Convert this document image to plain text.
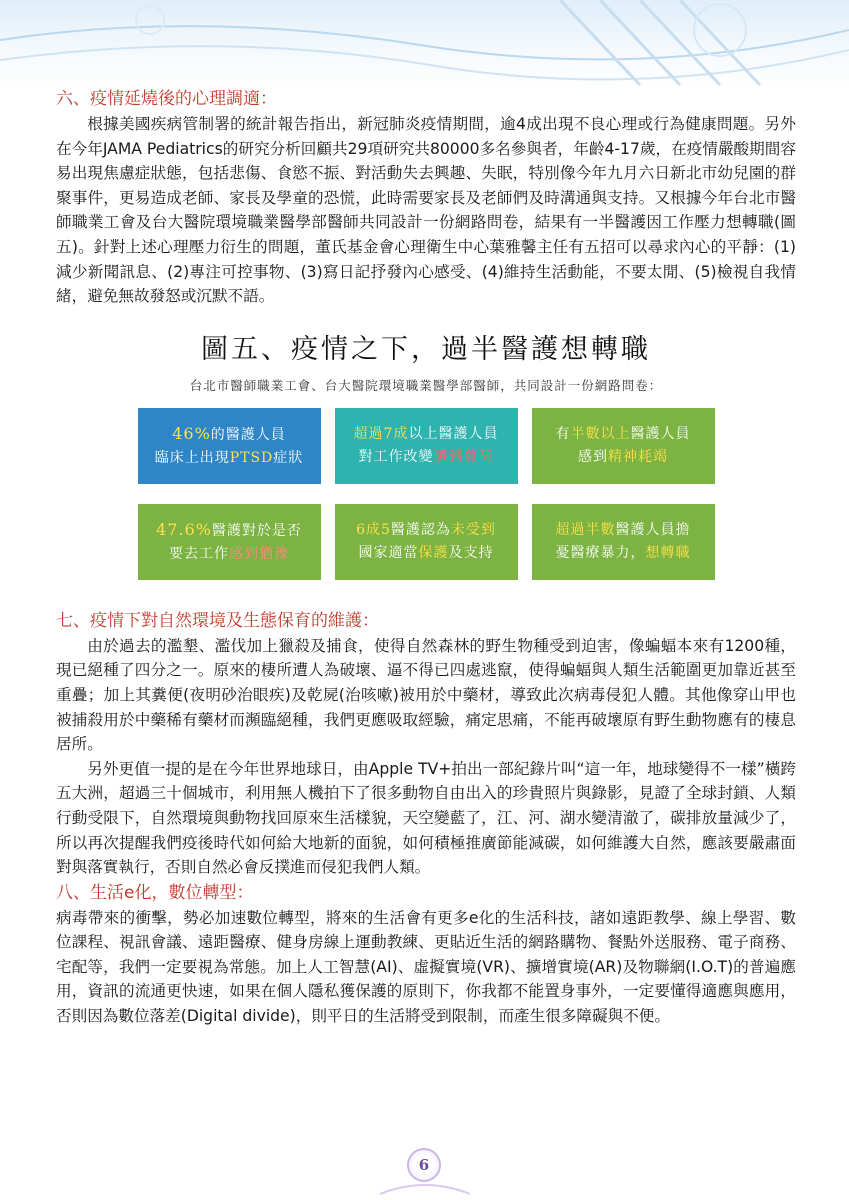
六、疫情延燒後的心理調適：

根據美國疾病管制署的統計報告指出，新冠肺炎疫情期間，逾4成出現不良心理或行為健康問題。另外在今年JAMA Pediatrics的研究分析回顧共29項研究共80000多名參與者，年齡4-17歲，在疫情嚴酸期間容易出現焦慮症狀態，包括悲傷、食慾不振、對活動失去興趣、失眠，特別像今年九月六日新北市幼兒園的群聚事件，更易造成老師、家長及學童的恐慌，此時需要家長及老師們及時溝通與支持。又根據今年台北市醫師職業工會及台大醫院環境職業醫學部醫師共同設計一份網路問卷，結果有一半醫護因工作壓力想轉職(圖五)。針對上述心理壓力衍生的問題，董氏基金會心理衛生中心葉雅馨主任有五招可以尋求內心的平靜：(1)減少新聞訊息、(2)專注可控事物、(3)寫日記抒發內心感受、(4)維持生活動能，不要太閒、(5)檢視自我情緒，避免無故發怒或沉默不語。

圖五、疫情之下，過半醫護想轉職
台北市醫師職業工會、台大醫院環境職業醫學部醫師，共同設計一份網路問卷：
46%的醫護人員
臨床上出現PTSD症狀
超過7成以上醫護人員
對工作改變感到負荷
有半數以上醫護人員
感到精神耗竭
47.6%醫護對於是否
要去工作感到猶豫
6成5醫護認為未受到
國家適當保護及支持
超過半數醫護人員擔
憂醫療暴力，想轉職
七、疫情下對自然環境及生態保育的維護：

由於過去的濫墾、濫伐加上獵殺及捕食，使得自然森林的野生物種受到迫害，像蝙蝠本來有1200種，現已絕種了四分之一。原來的棲所遭人為破壞、逼不得已四處逃竄，使得蝙蝠與人類生活範圍更加靠近甚至重疊；加上其糞便(夜明砂治眼疾)及乾屍(治咳嗽)被用於中藥材，導致此次病毒侵犯人體。其他像穿山甲也被捕殺用於中藥稀有藥材而瀕臨絕種，我們更應吸取經驗，痛定思痛，不能再破壞原有野生動物應有的棲息居所。

另外更值一提的是在今年世界地球日，由Apple TV+拍出一部紀錄片叫“這一年，地球變得不一樣”橫跨五大洲，超過三十個城市，利用無人機拍下了很多動物自由出入的珍貴照片與錄影，見證了全球封鎖、人類行動受限下，自然環境與動物找回原來生活樣貌，天空變藍了，江、河、湖水變清澈了，碳排放量減少了，所以再次提醒我們疫後時代如何給大地新的面貌，如何積極推廣節能減碳，如何維護大自然，應該要嚴肅面對與落實執行，否則自然必會反撲進而侵犯我們人類。

八、生活e化，數位轉型：

病毒帶來的衝擊，勢必加速數位轉型，將來的生活會有更多e化的生活科技，諸如遠距教學、線上學習、數位課程、視訊會議、遠距醫療、健身房線上運動教練、更貼近生活的網路購物、餐點外送服務、電子商務、宅配等，我們一定要視為常態。加上人工智慧(AI)、虛擬實境(VR)、擴增實境(AR)及物聯網(I.O.T)的普遍應用，資訊的流通更快速，如果在個人隱私獲保護的原則下，你我都不能置身事外，一定要懂得適應與應用，否則因為數位落差(Digital divide)，則平日的生活將受到限制，而產生很多障礙與不便。

6
